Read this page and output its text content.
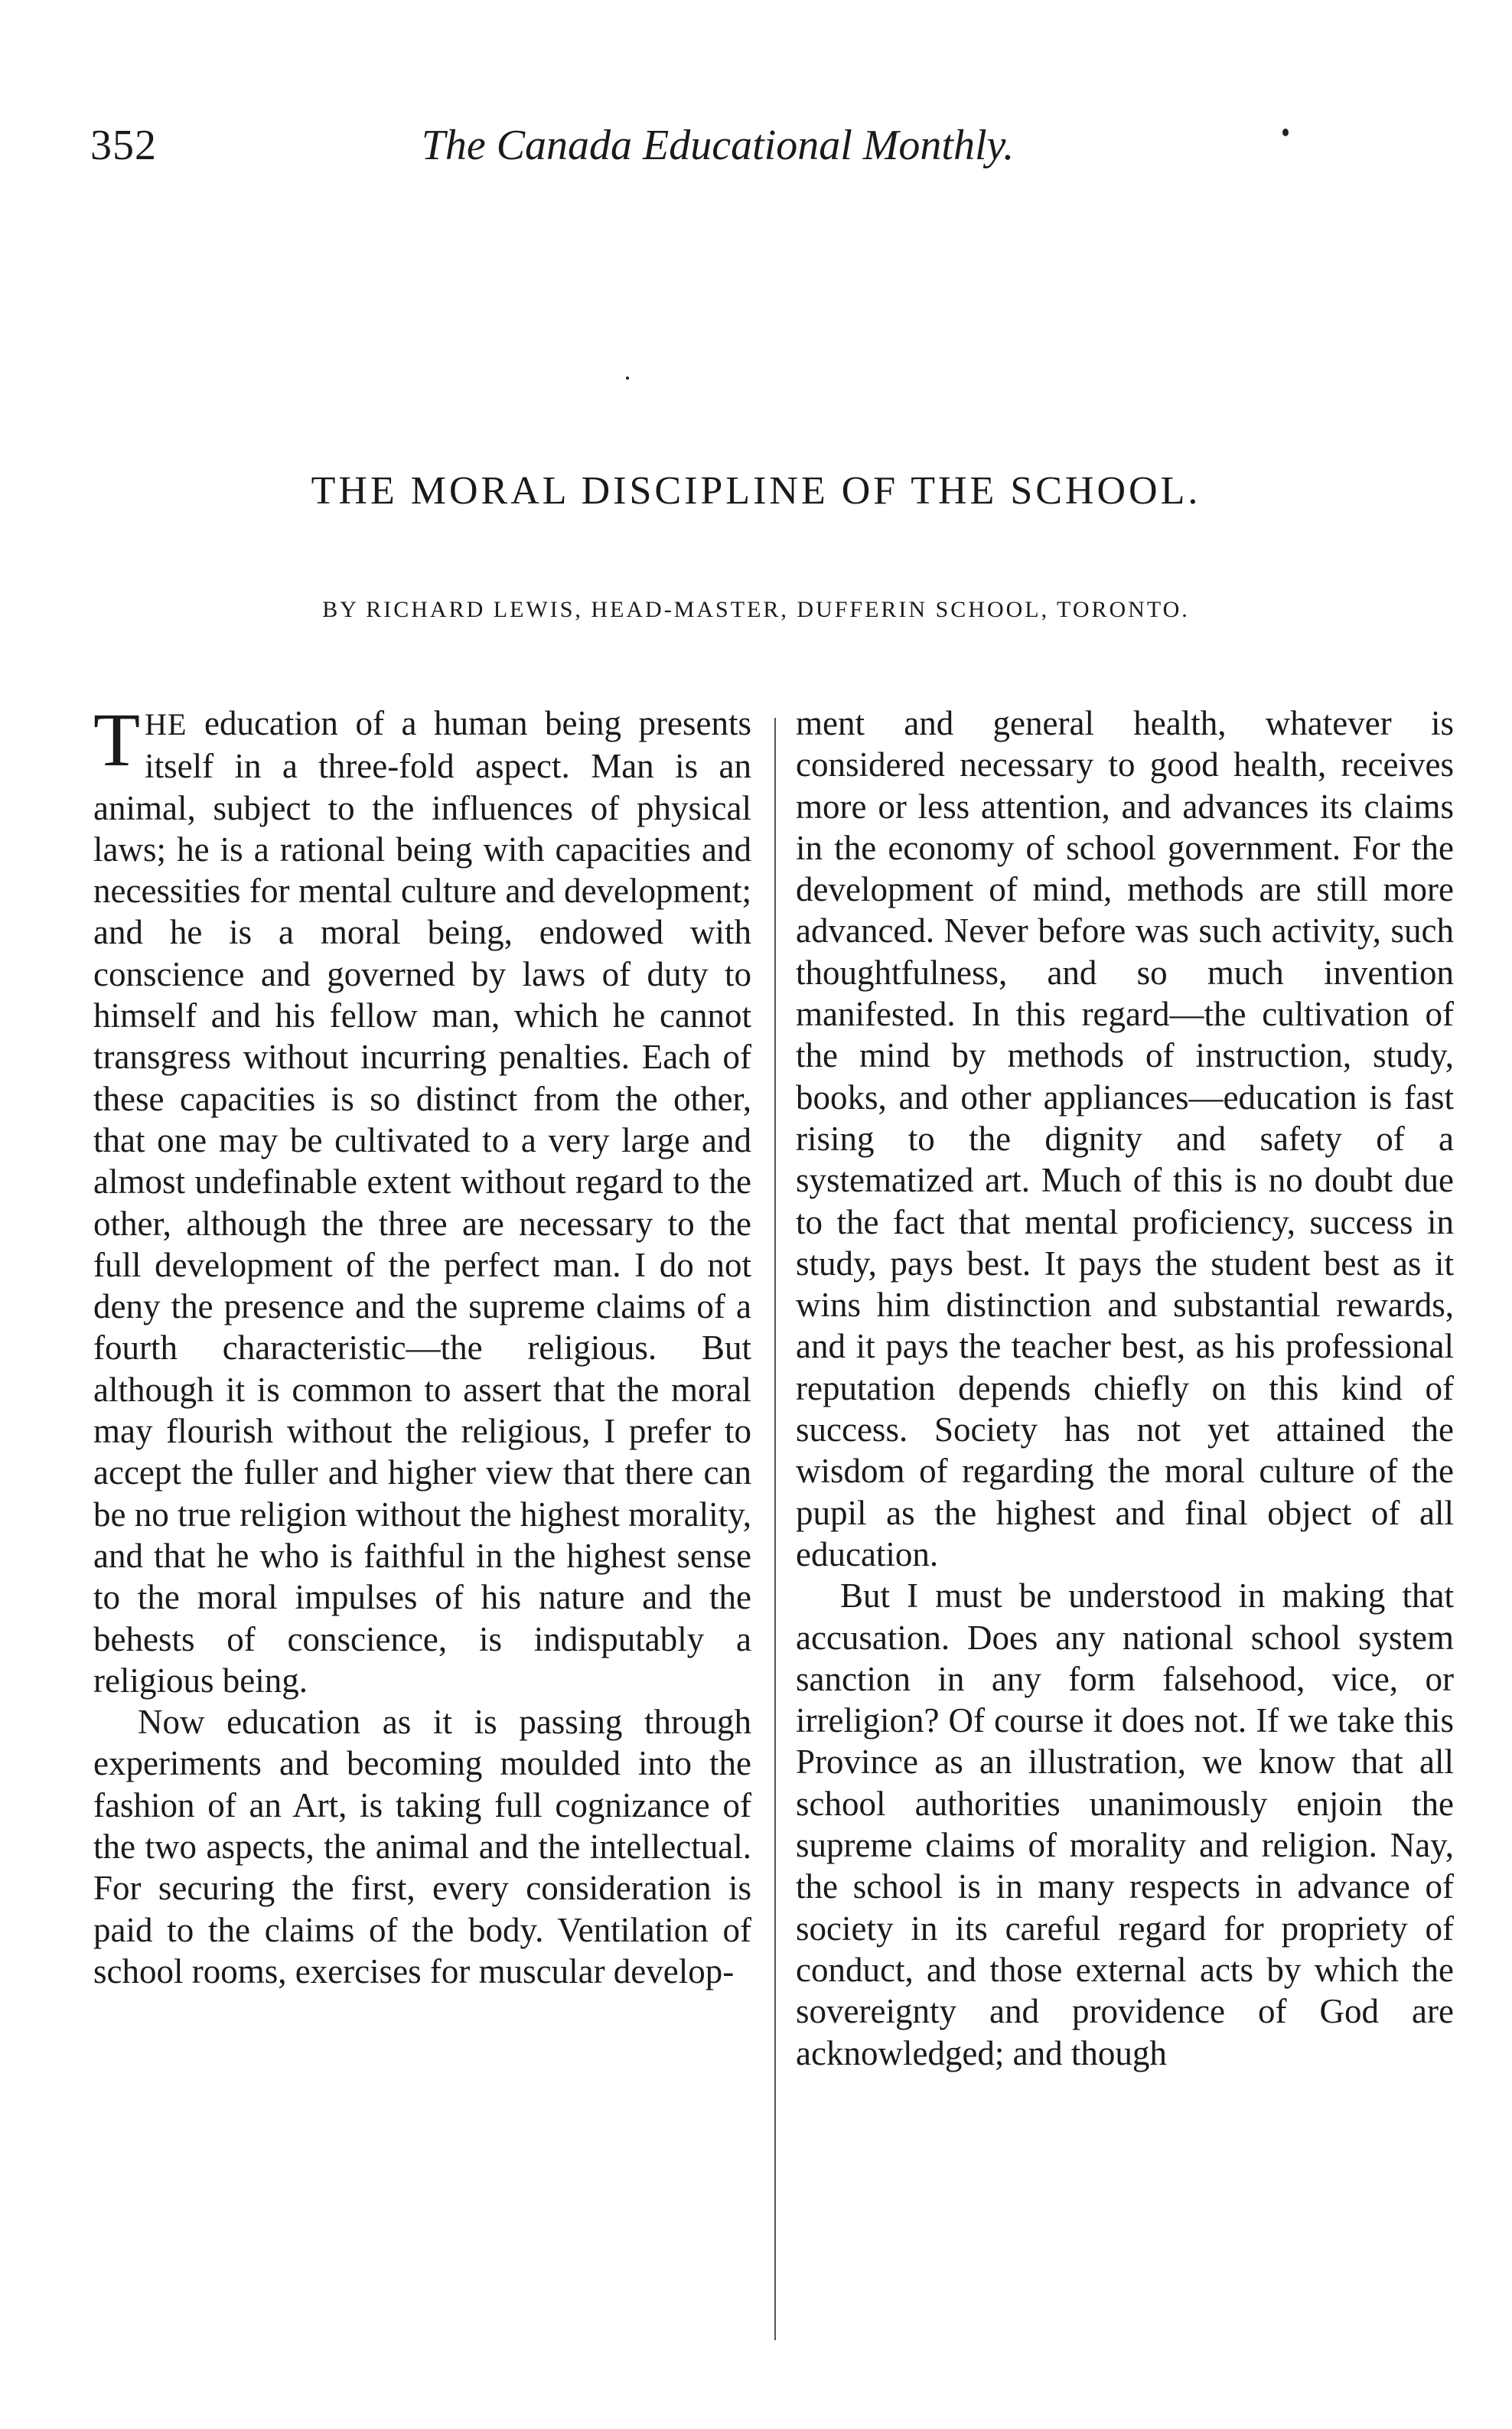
352	The Canada Educational Monthly.
THE MORAL DISCIPLINE OF THE SCHOOL.
BY RICHARD LEWIS, HEAD-MASTER, DUFFERIN SCHOOL, TORONTO.

THE education of a human being presents itself in a three-fold aspect. Man is an animal, subject to the influences of physical laws; he is a rational being with capacities and necessities for mental culture and development; and he is a moral being, endowed with conscience and governed by laws of duty to himself and his fellow man, which he cannot transgress without incurring penalties. Each of these capacities is so distinct from the other, that one may be cultivated to a very large and almost undefinable extent without regard to the other, although the three are necessary to the full development of the perfect man. I do not deny the presence and the supreme claims of a fourth characteristic—the religious. But although it is common to assert that the moral may flourish without the religious, I prefer to accept the fuller and higher view that there can be no true religion without the highest morality, and that he who is faithful in the highest sense to the moral impulses of his nature and the behests of conscience, is indisputably a religious being.

Now education as it is passing through experiments and becoming moulded into the fashion of an Art, is taking full cognizance of the two aspects, the animal and the intellectual. For securing the first, every consideration is paid to the claims of the body. Ventilation of school rooms, exercises for muscular develop-

ment and general health, whatever is considered necessary to good health, receives more or less attention, and advances its claims in the economy of school government. For the development of mind, methods are still more advanced. Never before was such activity, such thoughtfulness, and so much invention manifested. In this regard—the cultivation of the mind by methods of instruction, study, books, and other appliances—education is fast rising to the dignity and safety of a systematized art. Much of this is no doubt due to the fact that mental proficiency, success in study, pays best. It pays the student best as it wins him distinction and substantial rewards, and it pays the teacher best, as his professional reputation depends chiefly on this kind of success. Society has not yet attained the wisdom of regarding the moral culture of the pupil as the highest and final object of all education.

But I must be understood in making that accusation. Does any national school system sanction in any form falsehood, vice, or irreligion? Of course it does not. If we take this Province as an illustration, we know that all school authorities unanimously enjoin the supreme claims of morality and religion. Nay, the school is in many respects in advance of society in its careful regard for propriety of conduct, and those external acts by which the sovereignty and providence of God are acknowledged; and though
